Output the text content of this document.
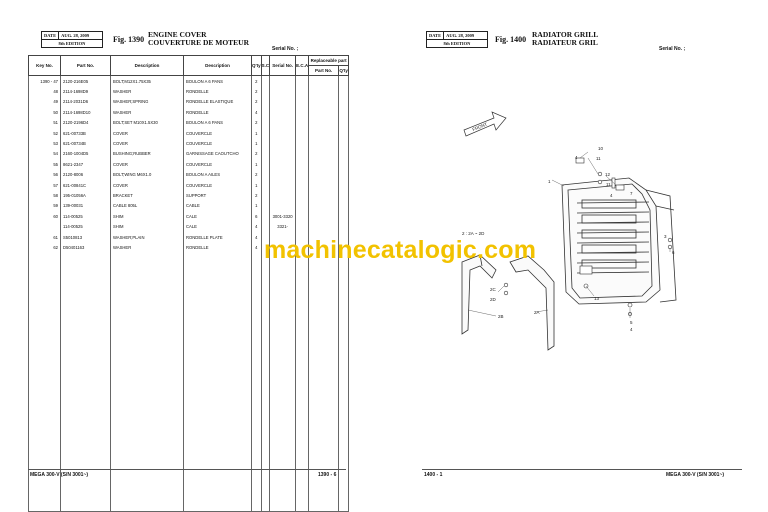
DATE	AUG. 28, 2009
8th EDITION	Fig. 1390
ENGINE COVER
COUVERTURE DE MOTEUR
Serial No. ;
Key No.	Part No.	Description	Description	Q'ty	S.C	Serial No.	E.C.A	Replaceable part	
								Part No.	Q'ty
1390 - 47	2120-216E05	BOLT;M12X1.75X35	BOULON A 6 PANS	2					
48	2114-1698D9	WASHER	RONDELLE	2					
49	2114-2031D6	WASHER;SPRING	RONDELLE ELASTIQUE	2					
50	2114-1698D10	WASHER	RONDELLE	4					
51	2120-2196D4	BOLT;SET M10X1.5X30	BOULON A 6 PANS	2					
52	621-00733B	COVER	COUVERCLE	1					
53	621-00734B	COVER	COUVERCLE	1					
54	2160-1004D5	BUSHING;RUBBER	GARNISSAGE CAOUTCHO	2					
55	8621-2347	COVER	COUVERCLE	1					
56	2120-8006	BOLT;WING M6X1.0	BOULON A AILES	2					
57	621-00841C	COVER	COUVERCLE	1					
58	195-01056A	BRACKET	SUPPORT	2					
59	139-00031	CABLE 805L	CABLE	1					
60	114-00525	SHIM	CALE	6		3001-3320			
	114-00525	SHIM	CALE	4		3321-			
61	S5010813	WASHER;PLAIN	RONDELLE PLATE	4					
62	D50401163	WASHER	RONDELLE	4					

MEGA 300-V (S/N 3001~)	1390 - 6
DATE	AUG. 28, 2009
8th EDITION	Fig. 1400
RADIATOR GRILL
RADIATEUR GRIL
Serial No. ;
FRONT
10
11
4
1
12
11
4	7
2 : 2A ~ 2D
2C
2D
2B
2A
13
5
4
6
3
1400 - 1	MEGA 300-V (S/N 3001~)
machinecatalogic.com
